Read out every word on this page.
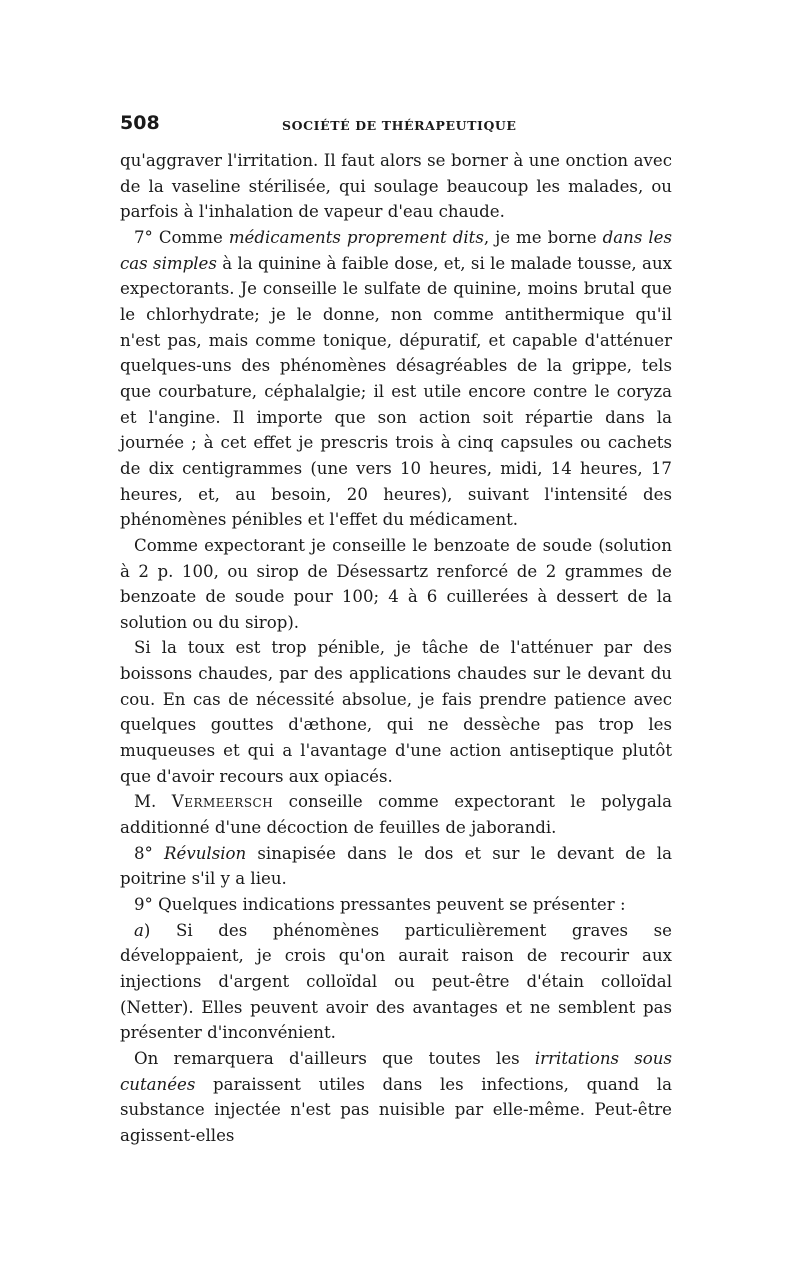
508	SOCIÉTÉ DE THÉRAPEUTIQUE

qu'aggraver l'irritation. Il faut alors se borner à une onction avec de la vaseline stérilisée, qui soulage beaucoup les malades, ou parfois à l'inhalation de vapeur d'eau chaude.

7° Comme médicaments proprement dits, je me borne dans les cas simples à la quinine à faible dose, et, si le malade tousse, aux expectorants. Je conseille le sulfate de quinine, moins brutal que le chlorhydrate; je le donne, non comme antithermique qu'il n'est pas, mais comme tonique, dépuratif, et capable d'atténuer quelques-uns des phénomènes désagréables de la grippe, tels que courbature, céphalalgie; il est utile encore contre le coryza et l'angine. Il importe que son action soit répartie dans la journée ; à cet effet je prescris trois à cinq capsules ou cachets de dix centigrammes (une vers 10 heures, midi, 14 heures, 17 heures, et, au besoin, 20 heures), suivant l'intensité des phénomènes pénibles et l'effet du médicament.

Comme expectorant je conseille le benzoate de soude (solution à 2 p. 100, ou sirop de Désessartz renforcé de 2 grammes de benzoate de soude pour 100; 4 à 6 cuillerées à dessert de la solution ou du sirop).

Si la toux est trop pénible, je tâche de l'atténuer par des boissons chaudes, par des applications chaudes sur le devant du cou. En cas de nécessité absolue, je fais prendre patience avec quelques gouttes d'æthone, qui ne dessèche pas trop les muqueuses et qui a l'avantage d'une action antiseptique plutôt que d'avoir recours aux opiacés.

M. Vermeersch conseille comme expectorant le polygala additionné d'une décoction de feuilles de jaborandi.

8° Révulsion sinapisée dans le dos et sur le devant de la poitrine s'il y a lieu.

9° Quelques indications pressantes peuvent se présenter :

a) Si des phénomènes particulièrement graves se développaient, je crois qu'on aurait raison de recourir aux injections d'argent colloïdal ou peut-être d'étain colloïdal (Netter). Elles peuvent avoir des avantages et ne semblent pas présenter d'inconvénient.

On remarquera d'ailleurs que toutes les irritations sous cutanées paraissent utiles dans les infections, quand la substance injectée n'est pas nuisible par elle-même. Peut-être agissent-elles
